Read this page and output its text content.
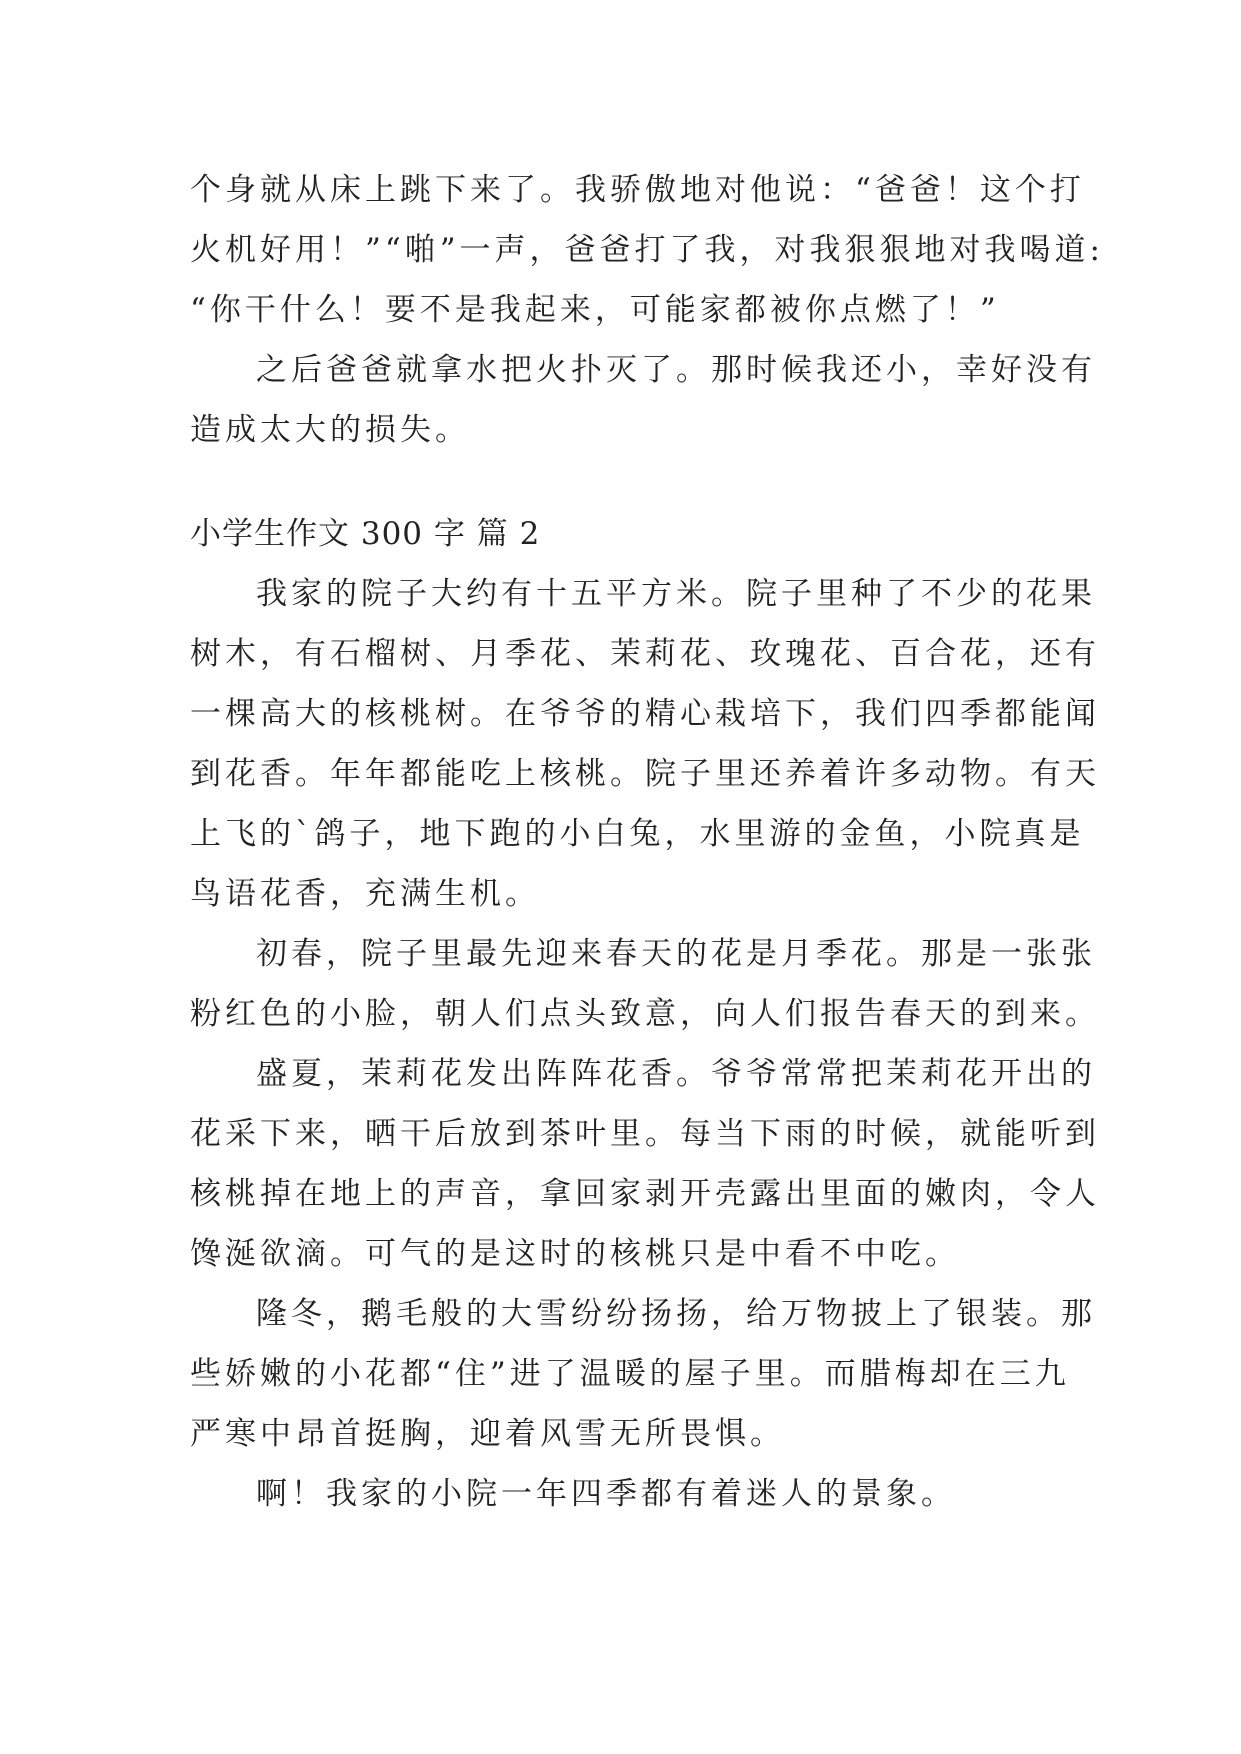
个身就从床上跳下来了。我骄傲地对他说：“爸爸！这个打
火机好用！”“啪”一声，爸爸打了我，对我狠狠地对我喝道:
“你干什么！要不是我起来，可能家都被你点燃了！”
之后爸爸就拿水把火扑灭了。那时候我还小，幸好没有
造成太大的损失。
小学生作文 300 字 篇 2
我家的院子大约有十五平方米。院子里种了不少的花果
树木，有石榴树、月季花、茉莉花、玫瑰花、百合花，还有
一棵高大的核桃树。在爷爷的精心栽培下，我们四季都能闻
到花香。年年都能吃上核桃。院子里还养着许多动物。有天
上飞的`鸽子，地下跑的小白兔，水里游的金鱼，小院真是
鸟语花香，充满生机。
初春，院子里最先迎来春天的花是月季花。那是一张张
粉红色的小脸，朝人们点头致意，向人们报告春天的到来。
盛夏，茉莉花发出阵阵花香。爷爷常常把茉莉花开出的
花采下来，晒干后放到茶叶里。每当下雨的时候，就能听到
核桃掉在地上的声音，拿回家剥开壳露出里面的嫩肉，令人
馋涎欲滴。可气的是这时的核桃只是中看不中吃。
隆冬，鹅毛般的大雪纷纷扬扬，给万物披上了银装。那
些娇嫩的小花都“住”进了温暖的屋子里。而腊梅却在三九
严寒中昂首挺胸，迎着风雪无所畏惧。
啊！我家的小院一年四季都有着迷人的景象。
